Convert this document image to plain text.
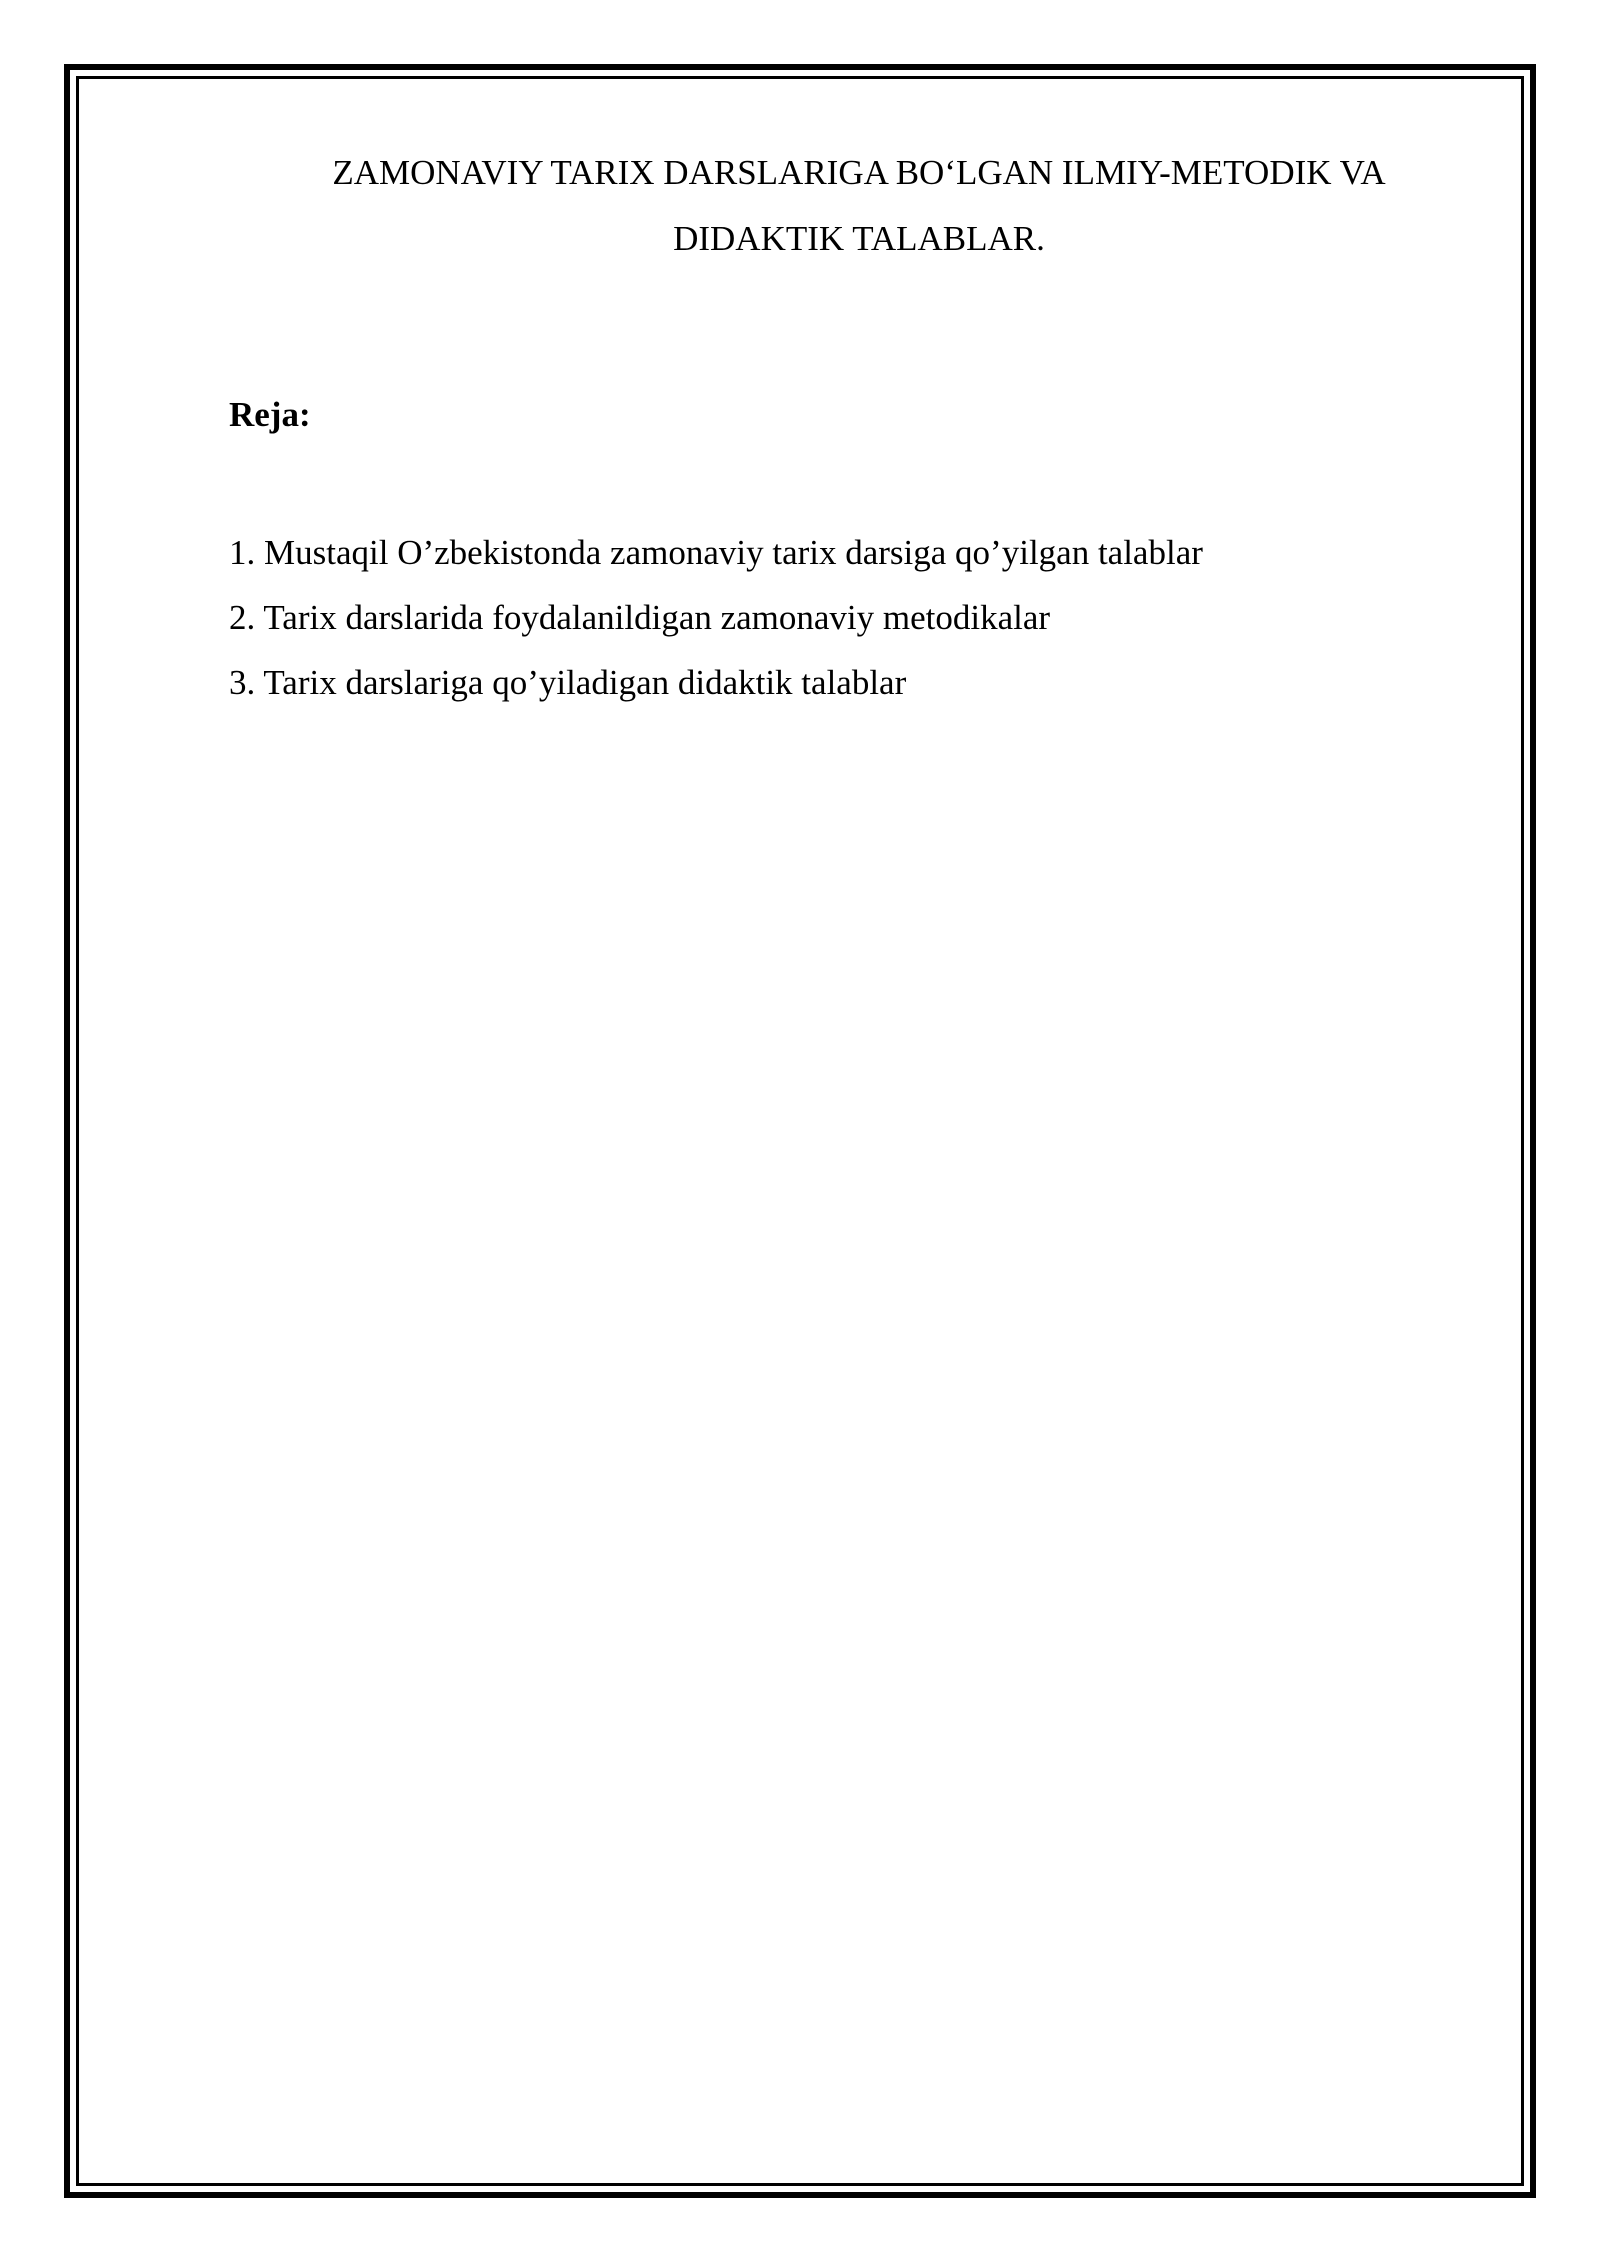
ZAMONAVIY TARIX DARSLARIGA BO‘LGAN ILMIY-METODIK VA
DIDAKTIK TALABLAR.
Reja:
1. Mustaqil O’zbekistonda zamonaviy tarix darsiga qo’yilgan talablar
2. Tarix darslarida foydalanildigan zamonaviy metodikalar
3. Tarix darslariga qo’yiladigan didaktik talablar
